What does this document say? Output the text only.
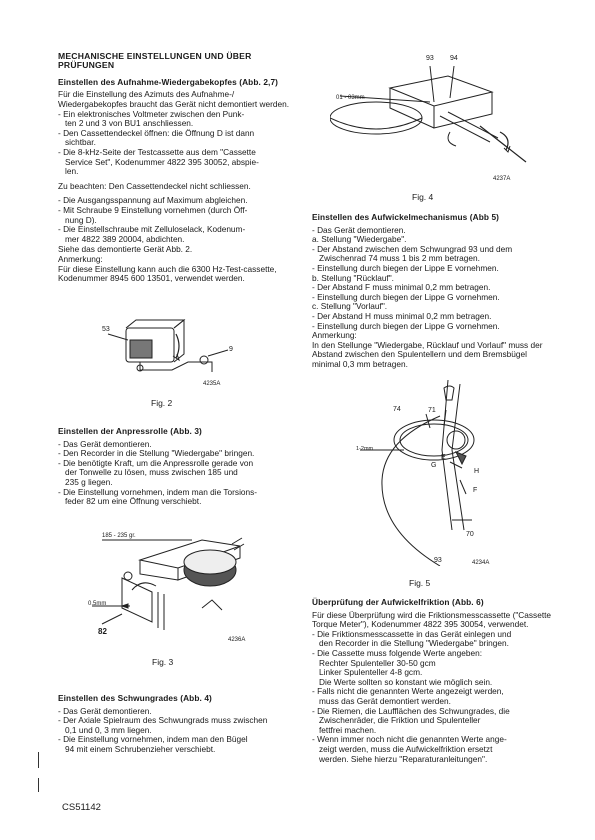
MECHANISCHE EINSTELLUNGEN UND ÜBER PRÜFUNGEN
Einstellen des Aufnahme-Wiedergabekopfes (Abb. 2,7)

Für die Einstellung des Azimuts des Aufnahme-/ Wiedergabekopfes braucht das Gerät nicht demontiert werden.

- Ein elektronisches Voltmeter zwischen den Punk-
ten 2 und 3 von BU1 anschliessen.
- Den Cassettendeckel öffnen: die Öffnung D ist dann
sichtbar.
- Die 8-kHz-Seite der Testcassette aus dem "Cassette
Service Set", Kodenummer 4822 395 30052, abspie-
len.

Zu beachten: Den Cassettendeckel nicht schliessen.

- Die Ausgangsspannung auf Maximum abgleichen.
- Mit Schraube 9 Einstellung vornehmen (durch Öff-
nung D).
- Die Einstellschraube mit Zelluloselack, Kodenum-
mer 4822 389 20004, abdichten.

Siehe das demontierte Gerät Abb. 2.

Anmerkung:

Für diese Einstellung kann auch die 6300 Hz-Test-cassette, Kodenummer 8945 600 13501, verwendet werden.

53
9
4235A
Fig. 2
Einstellen der Anpressrolle (Abb. 3)
- Das Gerät demontieren.
- Den Recorder in die Stellung "Wiedergabe" bringen.
- Die benötigte Kraft, um die Anpressrolle gerade von
der Tonwelle zu lösen, muss zwischen 185 und
235 g liegen.
- Die Einstellung vornehmen, indem man die Torsions-
feder 82 um eine Öffnung verschiebt.
185 - 235 gr.
0.5mm
82
4236A
Fig. 3
Einstellen des Schwungrades (Abb. 4)
- Das Gerät demontieren.
- Der Axiale Spielraum des Schwungrads muss zwischen
0,1 und 0, 3 mm liegen.
- Die Einstellung vornehmen, indem man den Bügel
94 mit einem Schrubenzieher verschiebt.
93 94
01 - 03mm
4237A
Fig. 4
Einstellen des Aufwickelmechanismus (Abb 5)
- Das Gerät demontieren.
a. Stellung "Wiedergabe".
- Der Abstand zwischen dem Schwungrad 93 und dem
Zwischenrad 74 muss 1 bis 2 mm betragen.
- Einstellung durch biegen der Lippe E vornehmen.
b. Stellung "Rücklauf".
- Der Abstand F muss minimal 0,2 mm betragen.
- Einstellung durch biegen der Lippe G vornehmen.
c. Stellung "Vorlauf".
- Der Abstand H muss minimal 0,2 mm betragen.
- Einstellung durch biegen der Lippe G vornehmen.

Anmerkung:

In den Stellunge "Wiedergabe, Rücklauf und Vorlauf" muss der Abstand zwischen den Spulentellern und dem Bremsbügel minimal 0,3 mm betragen.

74	71
1-2mm
E
G
H
F
70
93	4234A
Fig. 5
Überprüfung der Aufwickelfriktion (Abb. 6)

Für diese Überprüfung wird die Friktionsmesscassette ("Cassette Torque Meter"), Kodenummer 4822 395 30054, verwendet.

- Die Friktionsmesscassette in das Gerät einlegen und
den Recorder in die Stellung "Wiedergabe" bringen.
- Die Cassette muss folgende Werte angeben:
Rechter Spulenteller 30-50 gcm
Linker Spulenteller 4-8 gcm.
Die Werte sollten so konstant wie möglich sein.
- Falls nicht die genannten Werte angezeigt werden,
muss das Gerät demontiert werden.
- Die Riemen, die Laufflächen des Schwungrades, die
Zwischenräder, die Friktion und Spulenteller
fettfrei machen.
- Wenn immer noch nicht die genannten Werte ange-
zeigt werden, muss die Aufwickelfriktion ersetzt
werden. Siehe hierzu "Reparaturanleitungen".
CS51142
